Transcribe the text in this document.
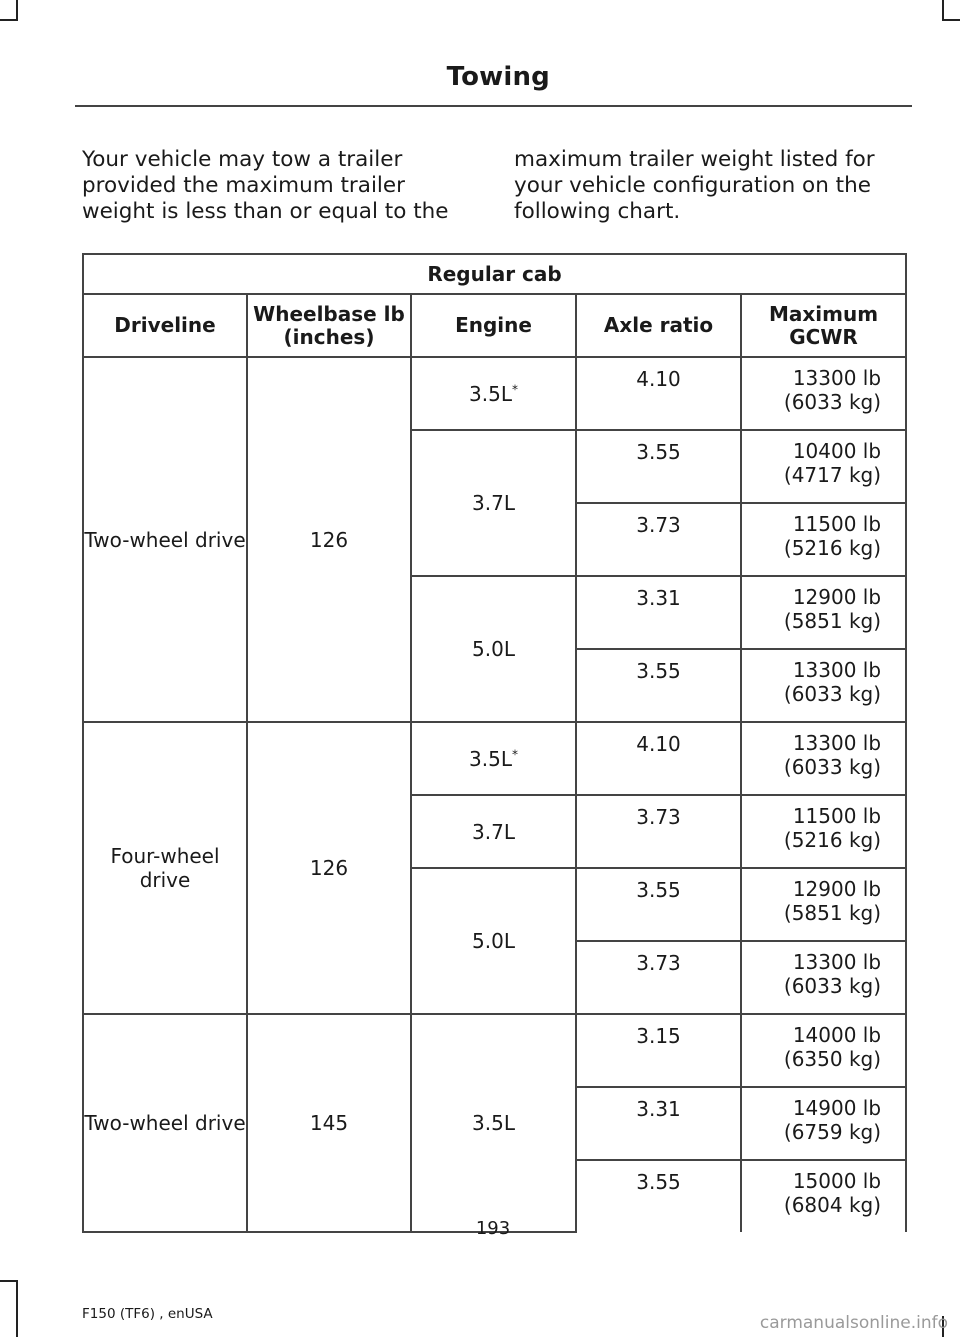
Towing

Your vehicle may tow a trailer provided the maximum trailer weight is less than or equal to the

maximum trailer weight listed for your vehicle configuration on the following chart.

Regular cab				
Driveline	Wheelbase lb (inches)	Engine	Axle ratio	Maximum GCWR
Two-wheel drive	126	3.5L*	4.10	13300 lb
(6033 kg)

		3.7L	3.55	10400 lb
(4717 kg)

			3.73	11500 lb
(5216 kg)

		5.0L	3.31	12900 lb
(5851 kg)

			3.55	13300 lb
(6033 kg)

Four-wheel drive	126	3.5L*	4.10	13300 lb
(6033 kg)

		3.7L	3.73	11500 lb
(5216 kg)

		5.0L	3.55	12900 lb
(5851 kg)

			3.73	13300 lb
(6033 kg)

Two-wheel drive	145	3.5L	3.15	14000 lb
(6350 kg)

			3.31	14900 lb
(6759 kg)

			3.55	15000 lb
(6804 kg)
193
F150 (TF6) , enUSA	carmanualsonline.info
